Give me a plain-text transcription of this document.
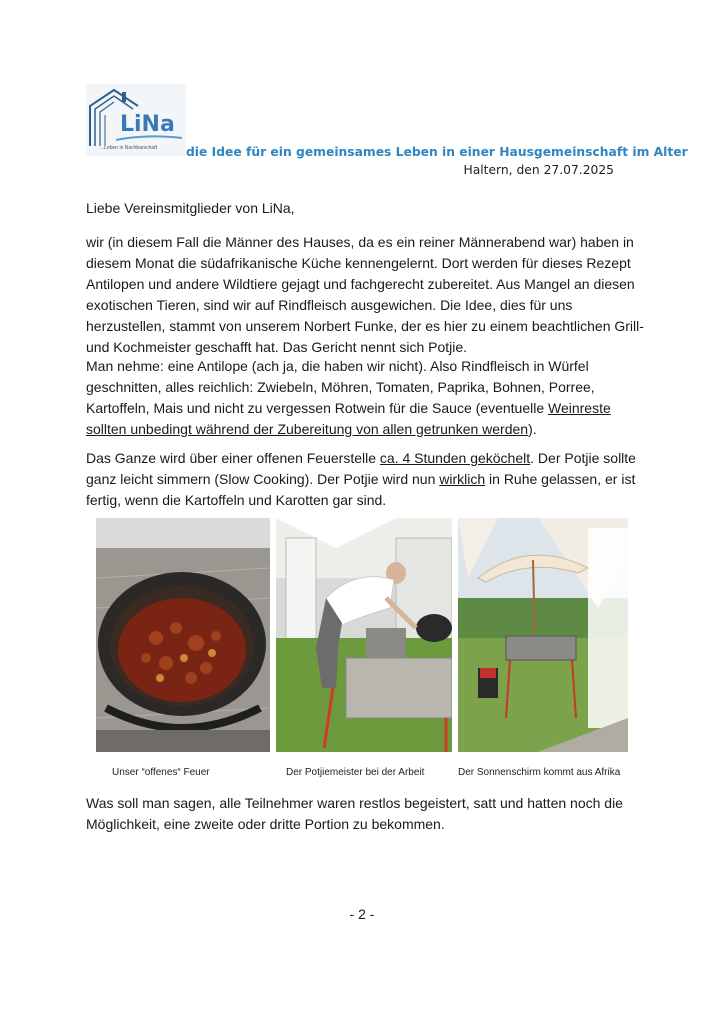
LiNa
...Leben in Nachbarschaft die Idee für ein gemeinsames Leben in einer Hausgemeinschaft im Alter
Haltern, den 27.07.2025
Liebe Vereinsmitglieder von LiNa,
wir (in diesem Fall die Männer des Hauses, da es ein reiner Männerabend war) haben in diesem Monat die südafrikanische Küche kennengelernt. Dort werden für dieses Rezept Antilopen und andere Wildtiere gejagt und fachgerecht zubereitet. Aus Mangel an diesen exotischen Tieren, sind wir auf Rindfleisch ausgewichen. Die Idee, dies für uns herzustellen, stammt von unserem Norbert Funke, der es hier zu einem beachtlichen Grill- und Kochmeister geschafft hat. Das Gericht nennt sich Potjie.
Man nehme: eine Antilope (ach ja, die haben wir nicht). Also Rindfleisch in Würfel geschnitten, alles reichlich: Zwiebeln, Möhren, Tomaten, Paprika, Bohnen, Porree, Kartoffeln, Mais und nicht zu vergessen Rotwein für die Sauce (eventuelle Weinreste sollten unbedingt während der Zubereitung von allen getrunken werden).
Das Ganze wird über einer offenen Feuerstelle ca. 4 Stunden geköchelt. Der Potjie sollte ganz leicht simmern (Slow Cooking). Der Potjie wird nun wirklich in Ruhe gelassen, er ist fertig, wenn die Kartoffeln und Karotten gar sind.
Unser “offenes“ Feuer	Der Potjiemeister bei der Arbeit	Der Sonnenschirm kommt aus Afrika
Was soll man sagen, alle Teilnehmer waren restlos begeistert, satt und hatten noch die Möglichkeit, eine zweite oder dritte Portion zu bekommen.
- 2 -
